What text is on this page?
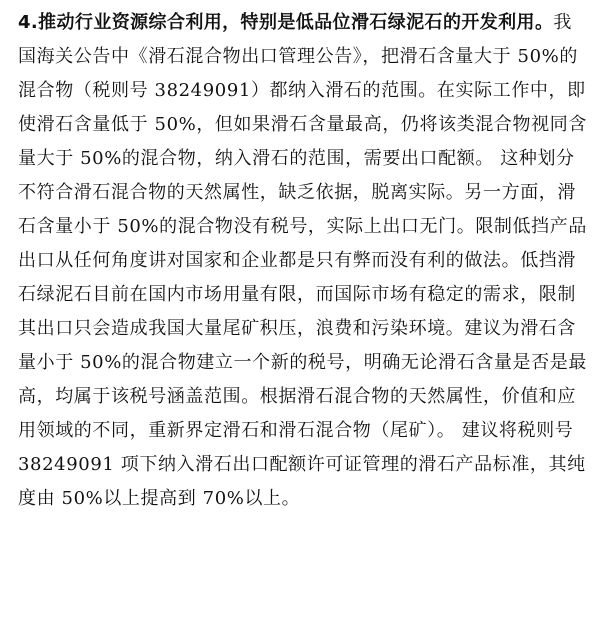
4.推动行业资源综合利用，特别是低品位滑石绿泥石的开发利用。我
国海关公告中《滑石混合物出口管理公告》，把滑石含量大于 50%的
混合物（税则号 38249091）都纳入滑石的范围。在实际工作中，即
使滑石含量低于 50%，但如果滑石含量最高，仍将该类混合物视同含
量大于 50%的混合物，纳入滑石的范围，需要出口配额。 这种划分
不符合滑石混合物的天然属性，缺乏依据，脱离实际。另一方面，滑
石含量小于 50%的混合物没有税号，实际上出口无门。限制低挡产品
出口从任何角度讲对国家和企业都是只有弊而没有利的做法。低挡滑
石绿泥石目前在国内市场用量有限，而国际市场有稳定的需求，限制
其出口只会造成我国大量尾矿积压，浪费和污染环境。建议为滑石含
量小于 50%的混合物建立一个新的税号，明确无论滑石含量是否是最
高，均属于该税号涵盖范围。根据滑石混合物的天然属性，价值和应
用领域的不同，重新界定滑石和滑石混合物（尾矿）。 建议将税则号
38249091 项下纳入滑石出口配额许可证管理的滑石产品标准，其纯
度由 50%以上提高到 70%以上。
